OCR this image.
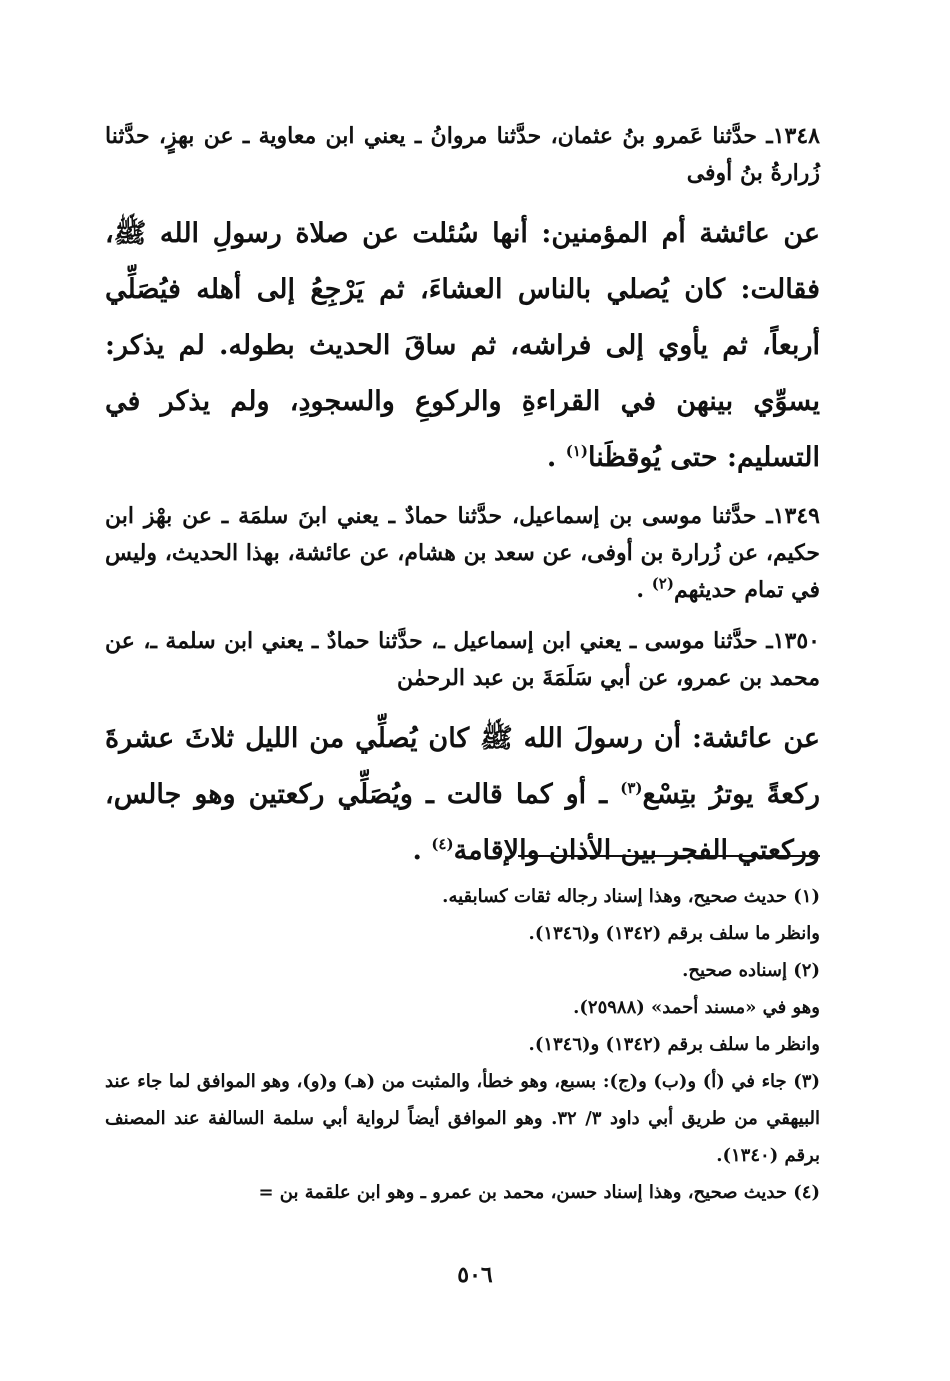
١٣٤٨ـ حدَّثنا عَمرو بنُ عثمان، حدَّثنا مروانُ ـ يعني ابن معاوية ـ عن بهزٍ، حدَّثنا زُرارةُ بنُ أوفى

عن عائشة أم المؤمنين: أنها سُئلت عن صلاة رسولِ الله ﷺ، فقالت: كان يُصلي بالناس العشاءَ، ثم يَرْجِعُ إلى أهله فيُصَلِّي أربعاً، ثم يأوي إلى فراشه، ثم ساقَ الحديث بطوله. لم يذكر: يسوِّي بينهن في القراءةِ والركوعِ والسجودِ، ولم يذكر في التسليم: حتى يُوقظَنا$^{(١)}$ .

١٣٤٩ـ حدَّثنا موسى بن إسماعيل، حدَّثنا حمادٌ ـ يعني ابنَ سلمَة ـ عن بهْز ابن حكيم، عن زُرارة بن أوفى، عن سعد بن هشام، عن عائشة، بهذا الحديث، وليس في تمام حديثهم$^{(٢)}$ .

١٣٥٠ـ حدَّثنا موسى ـ يعني ابن إسماعيل ـ، حدَّثنا حمادٌ ـ يعني ابن سلمة ـ، عن محمد بن عمرو، عن أبي سَلَمَةَ بن عبد الرحمٰن

عن عائشة: أن رسولَ الله ﷺ كان يُصلِّي من الليل ثلاثَ عشرةَ ركعةً يوترُ بتِسْع$^{(٣)}$ ـ أو كما قالت ـ ويُصَلِّي ركعتين وهو جالس، وركعتي الفجر بين الأذان والإقامة$^{(٤)}$ .

(١) حديث صحيح، وهذا إسناد رجاله ثقات كسابقيه.

وانظر ما سلف برقم (١٣٤٢) و(١٣٤٦).

(٢) إسناده صحيح.

وهو في «مسند أحمد» (٢٥٩٨٨).

وانظر ما سلف برقم (١٣٤٢) و(١٣٤٦).

(٣) جاء في (أ) و(ب) و(ج): بسبع، وهو خطأ، والمثبت من (هـ) و(و)، وهو الموافق لما جاء عند البيهقي من طريق أبي داود ٣/ ٣٢. وهو الموافق أيضاً لرواية أبي سلمة السالفة عند المصنف برقم (١٣٤٠).

(٤) حديث صحيح، وهذا إسناد حسن، محمد بن عمرو ـ وهو ابن علقمة بن =

٥٠٦
